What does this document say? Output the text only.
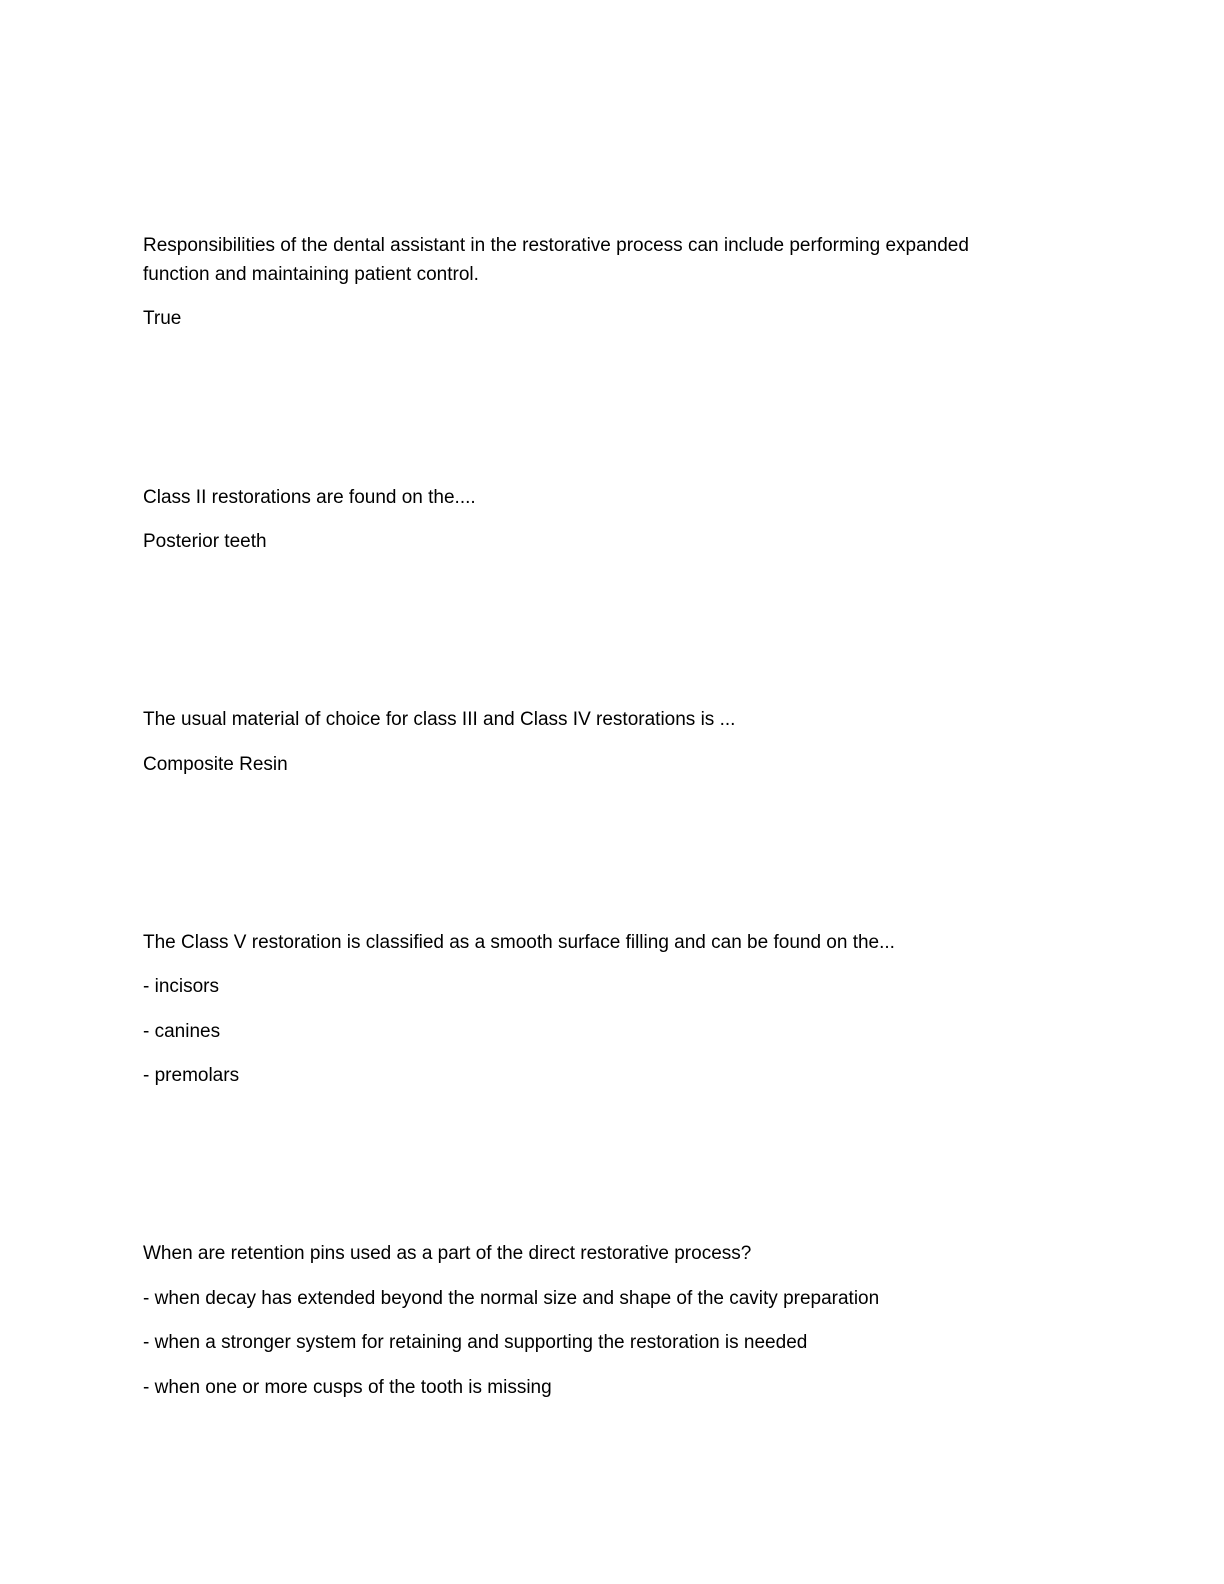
Responsibilities of the dental assistant in the restorative process can include performing expanded

function and maintaining patient control.

True

Class II restorations are found on the....

Posterior teeth

The usual material of choice for class III and Class IV restorations is ...

Composite Resin

The Class V restoration is classified as a smooth surface filling and can be found on the...

- incisors

- canines

- premolars

When are retention pins used as a part of the direct restorative process?

- when decay has extended beyond the normal size and shape of the cavity preparation

- when a stronger system for retaining and supporting the restoration is needed

- when one or more cusps of the tooth is missing
